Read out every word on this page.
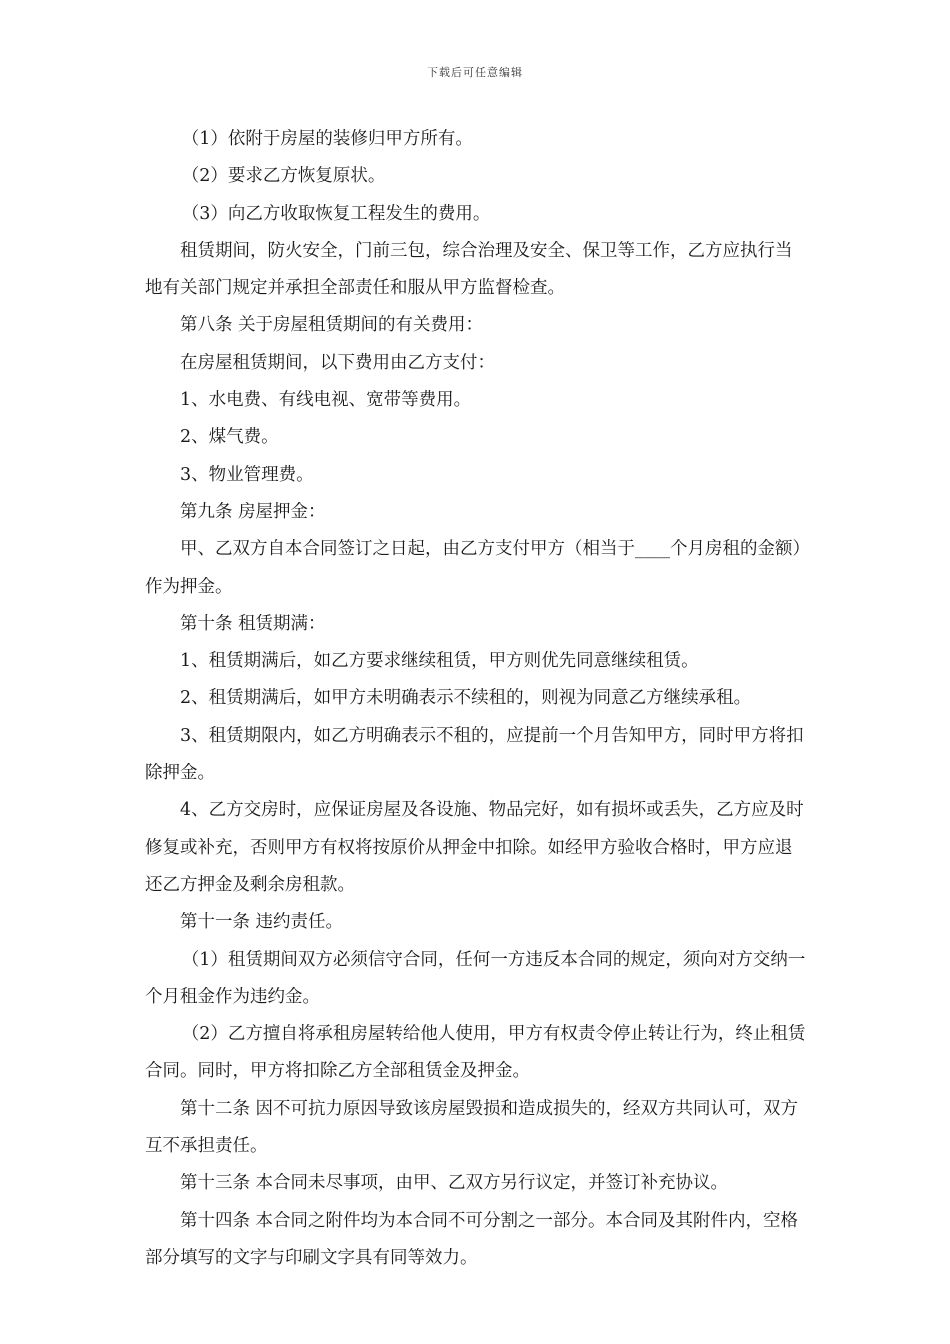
下载后可任意编辑

（1）依附于房屋的装修归甲方所有。

（2）要求乙方恢复原状。

（3）向乙方收取恢复工程发生的费用。

租赁期间，防火安全，门前三包，综合治理及安全、保卫等工作，乙方应执行当地有关部门规定并承担全部责任和服从甲方监督检查。

第八条 关于房屋租赁期间的有关费用：

在房屋租赁期间，以下费用由乙方支付：

1、水电费、有线电视、宽带等费用。

2、煤气费。

3、物业管理费。

第九条 房屋押金：

甲、乙双方自本合同签订之日起，由乙方支付甲方（相当于____个月房租的金额）作为押金。

第十条 租赁期满：

1、租赁期满后，如乙方要求继续租赁，甲方则优先同意继续租赁。

2、租赁期满后，如甲方未明确表示不续租的，则视为同意乙方继续承租。

3、租赁期限内，如乙方明确表示不租的，应提前一个月告知甲方，同时甲方将扣除押金。

4、乙方交房时，应保证房屋及各设施、物品完好，如有损坏或丢失，乙方应及时修复或补充，否则甲方有权将按原价从押金中扣除。如经甲方验收合格时，甲方应退还乙方押金及剩余房租款。

第十一条 违约责任。

（1）租赁期间双方必须信守合同，任何一方违反本合同的规定，须向对方交纳一个月租金作为违约金。

（2）乙方擅自将承租房屋转给他人使用，甲方有权责令停止转让行为，终止租赁合同。同时，甲方将扣除乙方全部租赁金及押金。

第十二条 因不可抗力原因导致该房屋毁损和造成损失的，经双方共同认可，双方互不承担责任。

第十三条 本合同未尽事项，由甲、乙双方另行议定，并签订补充协议。

第十四条 本合同之附件均为本合同不可分割之一部分。本合同及其附件内，空格部分填写的文字与印刷文字具有同等效力。
